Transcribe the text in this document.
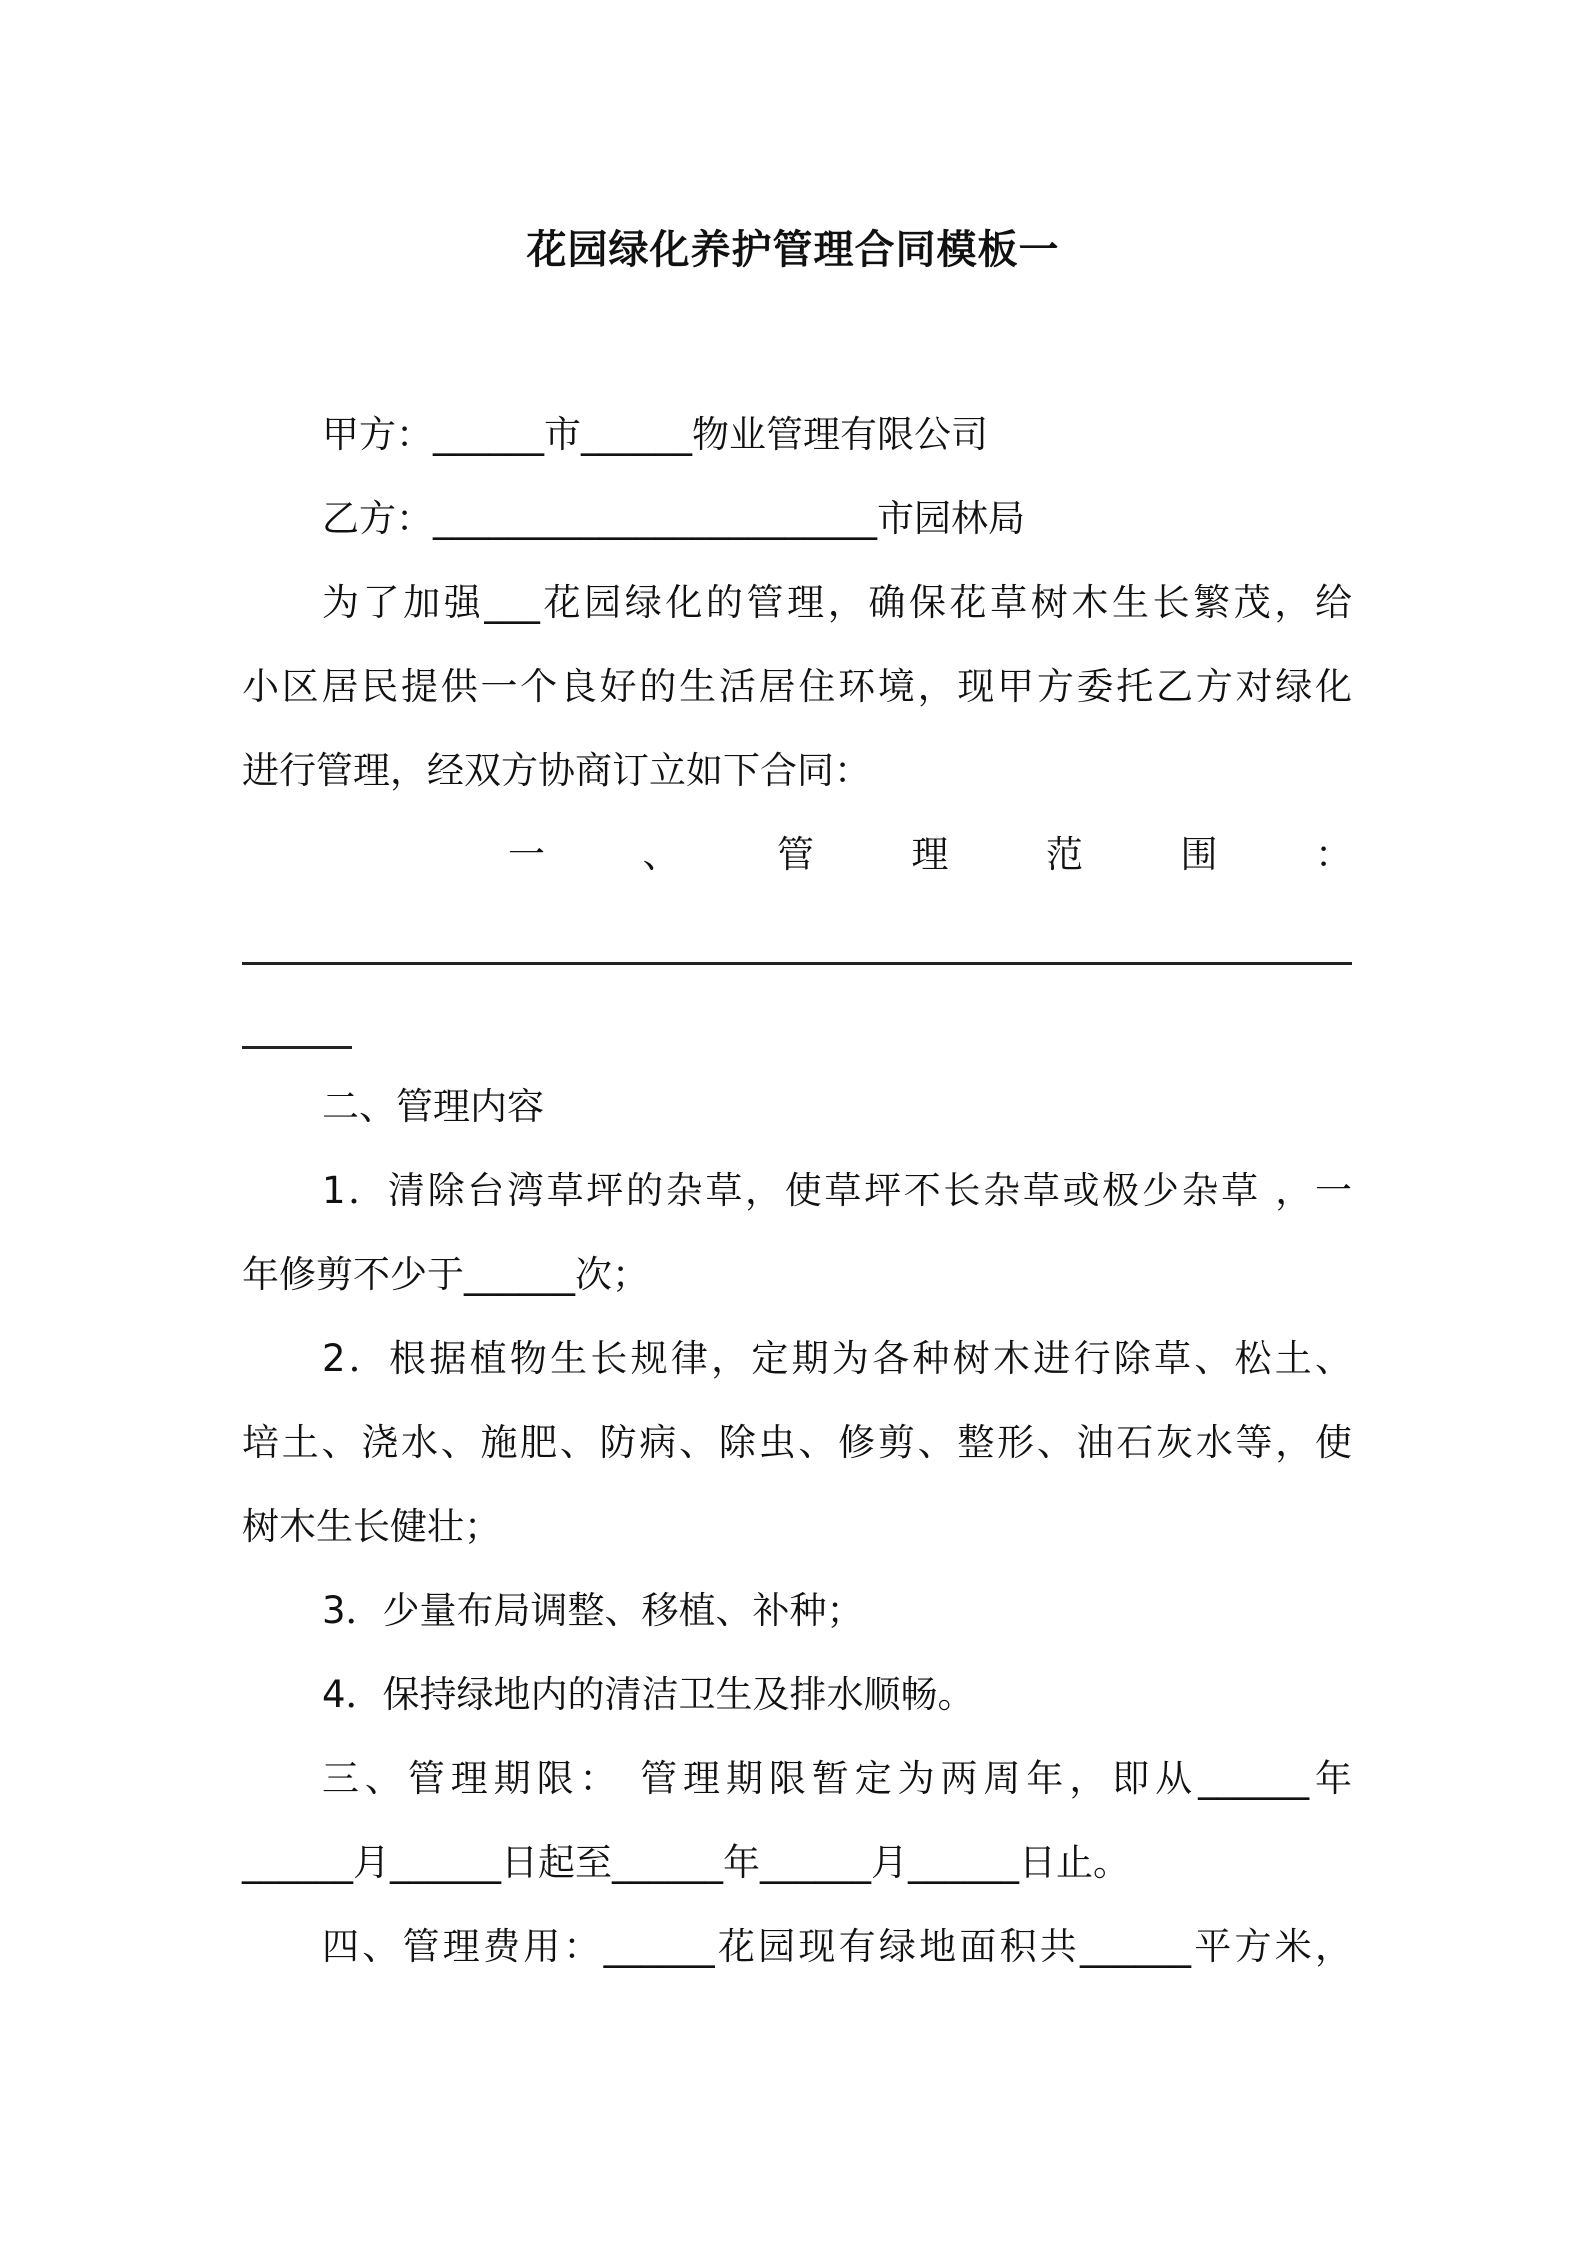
花园绿化养护管理合同模板一
甲方：______市______物业管理有限公司
乙方：________________________市园林局
为了加强___花园绿化的管理，确保花草树木生长繁茂，给
小区居民提供一个良好的生活居住环境，现甲方委托乙方对绿化
进行管理，经双方协商订立如下合同：
一 、 管 理 范 围 ：
二、管理内容
1．清除台湾草坪的杂草，使草坪不长杂草或极少杂草 ，一
年修剪不少于______次；
2．根据植物生长规律，定期为各种树木进行除草、松土、
培土、浇水、施肥、防病、除虫、修剪、整形、油石灰水等，使
树木生长健壮；
3．少量布局调整、移植、补种；
4．保持绿地内的清洁卫生及排水顺畅。
三、管理期限： 管理期限暂定为两周年，即从______年
______月______日起至______年______月______日止。
四、管理费用：______花园现有绿地面积共______平方米，
